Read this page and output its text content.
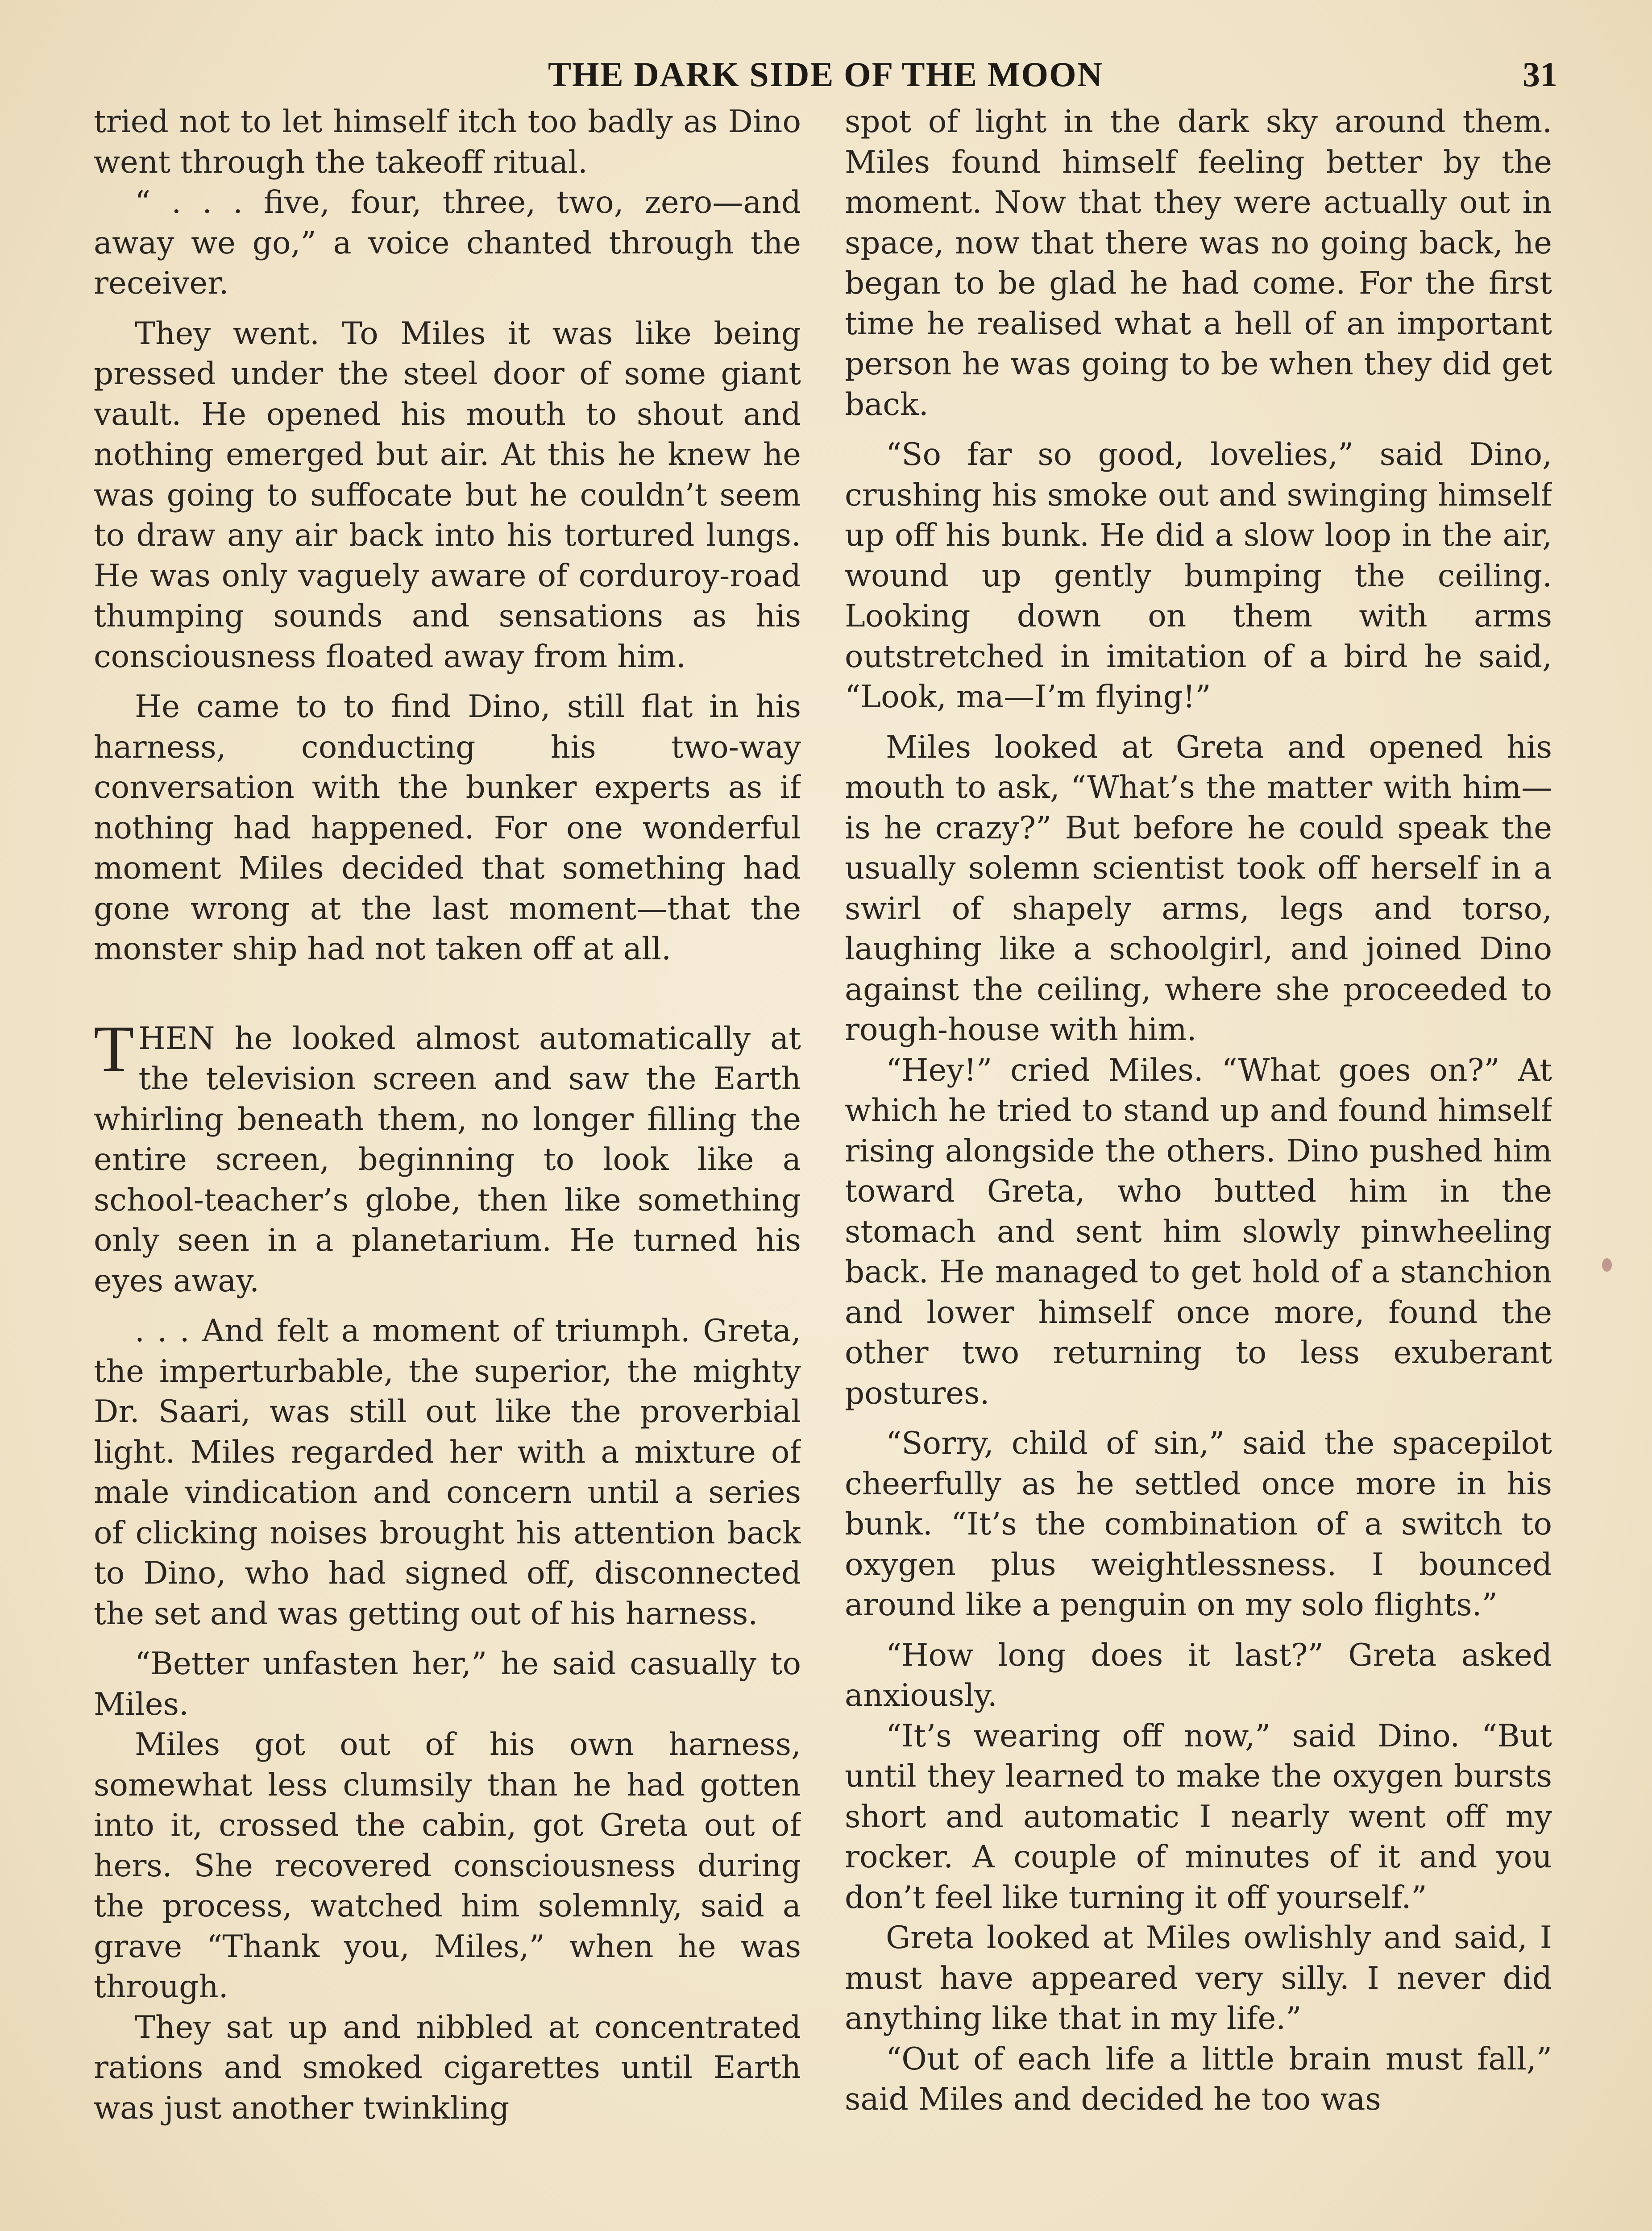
THE DARK SIDE OF THE MOON	31

tried not to let himself itch too badly as Dino went through the takeoff ritual.

“ . . . five, four, three, two, zero—and away we go,” a voice chanted through the receiver.

They went. To Miles it was like being pressed under the steel door of some giant vault. He opened his mouth to shout and nothing emerged but air. At this he knew he was going to suffocate but he couldn’t seem to draw any air back into his tortured lungs. He was only vaguely aware of corduroy-road thumping sounds and sensations as his consciousness floated away from him.

He came to to find Dino, still flat in his harness, conducting his two-way conversation with the bunker experts as if nothing had happened. For one wonderful moment Miles decided that something had gone wrong at the last moment—that the monster ship had not taken off at all.

THEN he looked almost automatically at the television screen and saw the Earth whirling beneath them, no longer filling the entire screen, beginning to look like a school-teacher’s globe, then like something only seen in a planetarium. He turned his eyes away.

. . . And felt a moment of triumph. Greta, the imperturbable, the superior, the mighty Dr. Saari, was still out like the proverbial light. Miles regarded her with a mixture of male vindication and concern until a series of clicking noises brought his attention back to Dino, who had signed off, disconnected the set and was getting out of his harness.

“Better unfasten her,” he said casually to Miles.

Miles got out of his own harness, somewhat less clumsily than he had gotten into it, crossed the cabin, got Greta out of hers. She recovered consciousness during the process, watched him solemnly, said a grave “Thank you, Miles,” when he was through.

They sat up and nibbled at concentrated rations and smoked cigarettes until Earth was just another twinkling

spot of light in the dark sky around them. Miles found himself feeling better by the moment. Now that they were actually out in space, now that there was no going back, he began to be glad he had come. For the first time he realised what a hell of an important person he was going to be when they did get back.

“So far so good, lovelies,” said Dino, crushing his smoke out and swinging himself up off his bunk. He did a slow loop in the air, wound up gently bumping the ceiling. Looking down on them with arms outstretched in imitation of a bird he said, “Look, ma—I’m flying!”

Miles looked at Greta and opened his mouth to ask, “What’s the matter with him—is he crazy?” But before he could speak the usually solemn scientist took off herself in a swirl of shapely arms, legs and torso, laughing like a schoolgirl, and joined Dino against the ceiling, where she proceeded to rough-house with him.

“Hey!” cried Miles. “What goes on?” At which he tried to stand up and found himself rising alongside the others. Dino pushed him toward Greta, who butted him in the stomach and sent him slowly pinwheeling back. He managed to get hold of a stanchion and lower himself once more, found the other two returning to less exuberant postures.

“Sorry, child of sin,” said the spacepilot cheerfully as he settled once more in his bunk. “It’s the combination of a switch to oxygen plus weightlessness. I bounced around like a penguin on my solo flights.”

“How long does it last?” Greta asked anxiously.

“It’s wearing off now,” said Dino. “But until they learned to make the oxygen bursts short and automatic I nearly went off my rocker. A couple of minutes of it and you don’t feel like turning it off yourself.”

Greta looked at Miles owlishly and said, I must have appeared very silly. I never did anything like that in my life.”

“Out of each life a little brain must fall,” said Miles and decided he too was
